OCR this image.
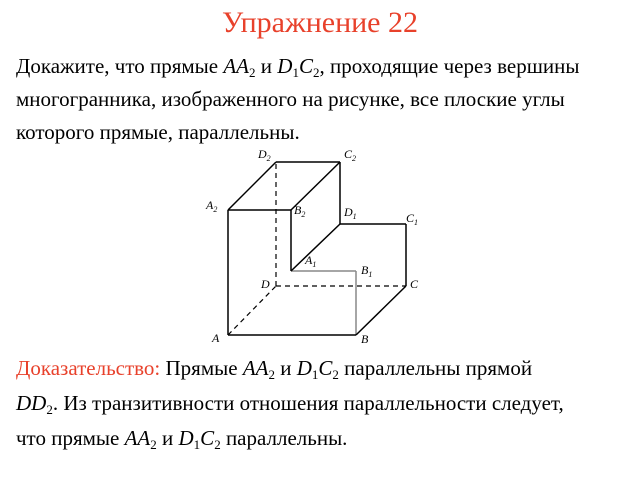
Упражнение 22
Докажите, что прямые $AA_2$ и $D_1C_2$, проходящие через вершины многогранника, изображенного на рисунке, все плоские углы которого прямые, параллельны.
$D_2$	$C_2$
$A_2$	$B_2$	$D_1$	$C_1$
$A_1$	$B_1$
D	C
A	B
Доказательство: Прямые $AA_2$ и $D_1C_2$ параллельны прямой $DD_2$. Из транзитивности отношения параллельности следует, что прямые $AA_2$ и $D_1C_2$ параллельны.
